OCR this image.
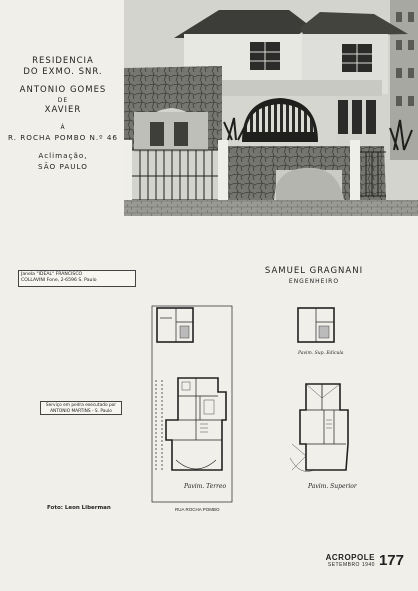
RESIDENCIA
DO EXMO. SNR.
ANTONIO GOMES
DE
XAVIER
Á
R. ROCHA POMBO N.º 46
Aclimação,
SÃO PAULO
Janela "IDEAL" FRANCISCO
COLLAVINI Fone, 2-6596 S. Paulo
SAMUEL GRAGNANI
ENGENHEIRO
Serviço em pedra executado por
ANTONIO MARTINS - S. Paulo
Pavim. Terreo	Pavim. Superior
Pavim. Sup. Edícula
RUA ROCHA POMBO
Foto: Leon Liberman
ACROPOLE
SETEMBRO 1940 177
